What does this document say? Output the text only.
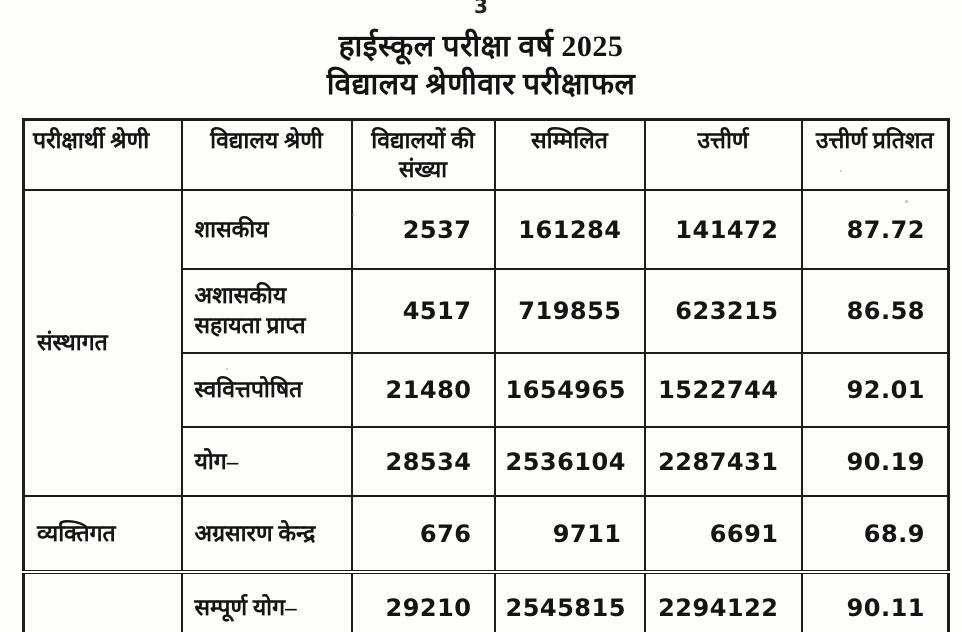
3
हाईस्कूल परीक्षा वर्ष 2025
विद्यालय श्रेणीवार परीक्षाफल
परीक्षार्थी श्रेणी	विद्यालय श्रेणी	विद्यालयों की संख्या	सम्मिलित	उत्तीर्ण	उत्तीर्ण प्रतिशत
संस्थागत	शासकीय	2537	161284	141472	87.72
	अशासकीय सहायता प्राप्त	4517	719855	623215	86.58
	स्ववित्तपोषित	21480	1654965	1522744	92.01
	योग–	28534	2536104	2287431	90.19
व्यक्तिगत	अग्रसारण केन्द्र	676	9711	6691	68.9
	सम्पूर्ण योग–	29210	2545815	2294122	90.11
